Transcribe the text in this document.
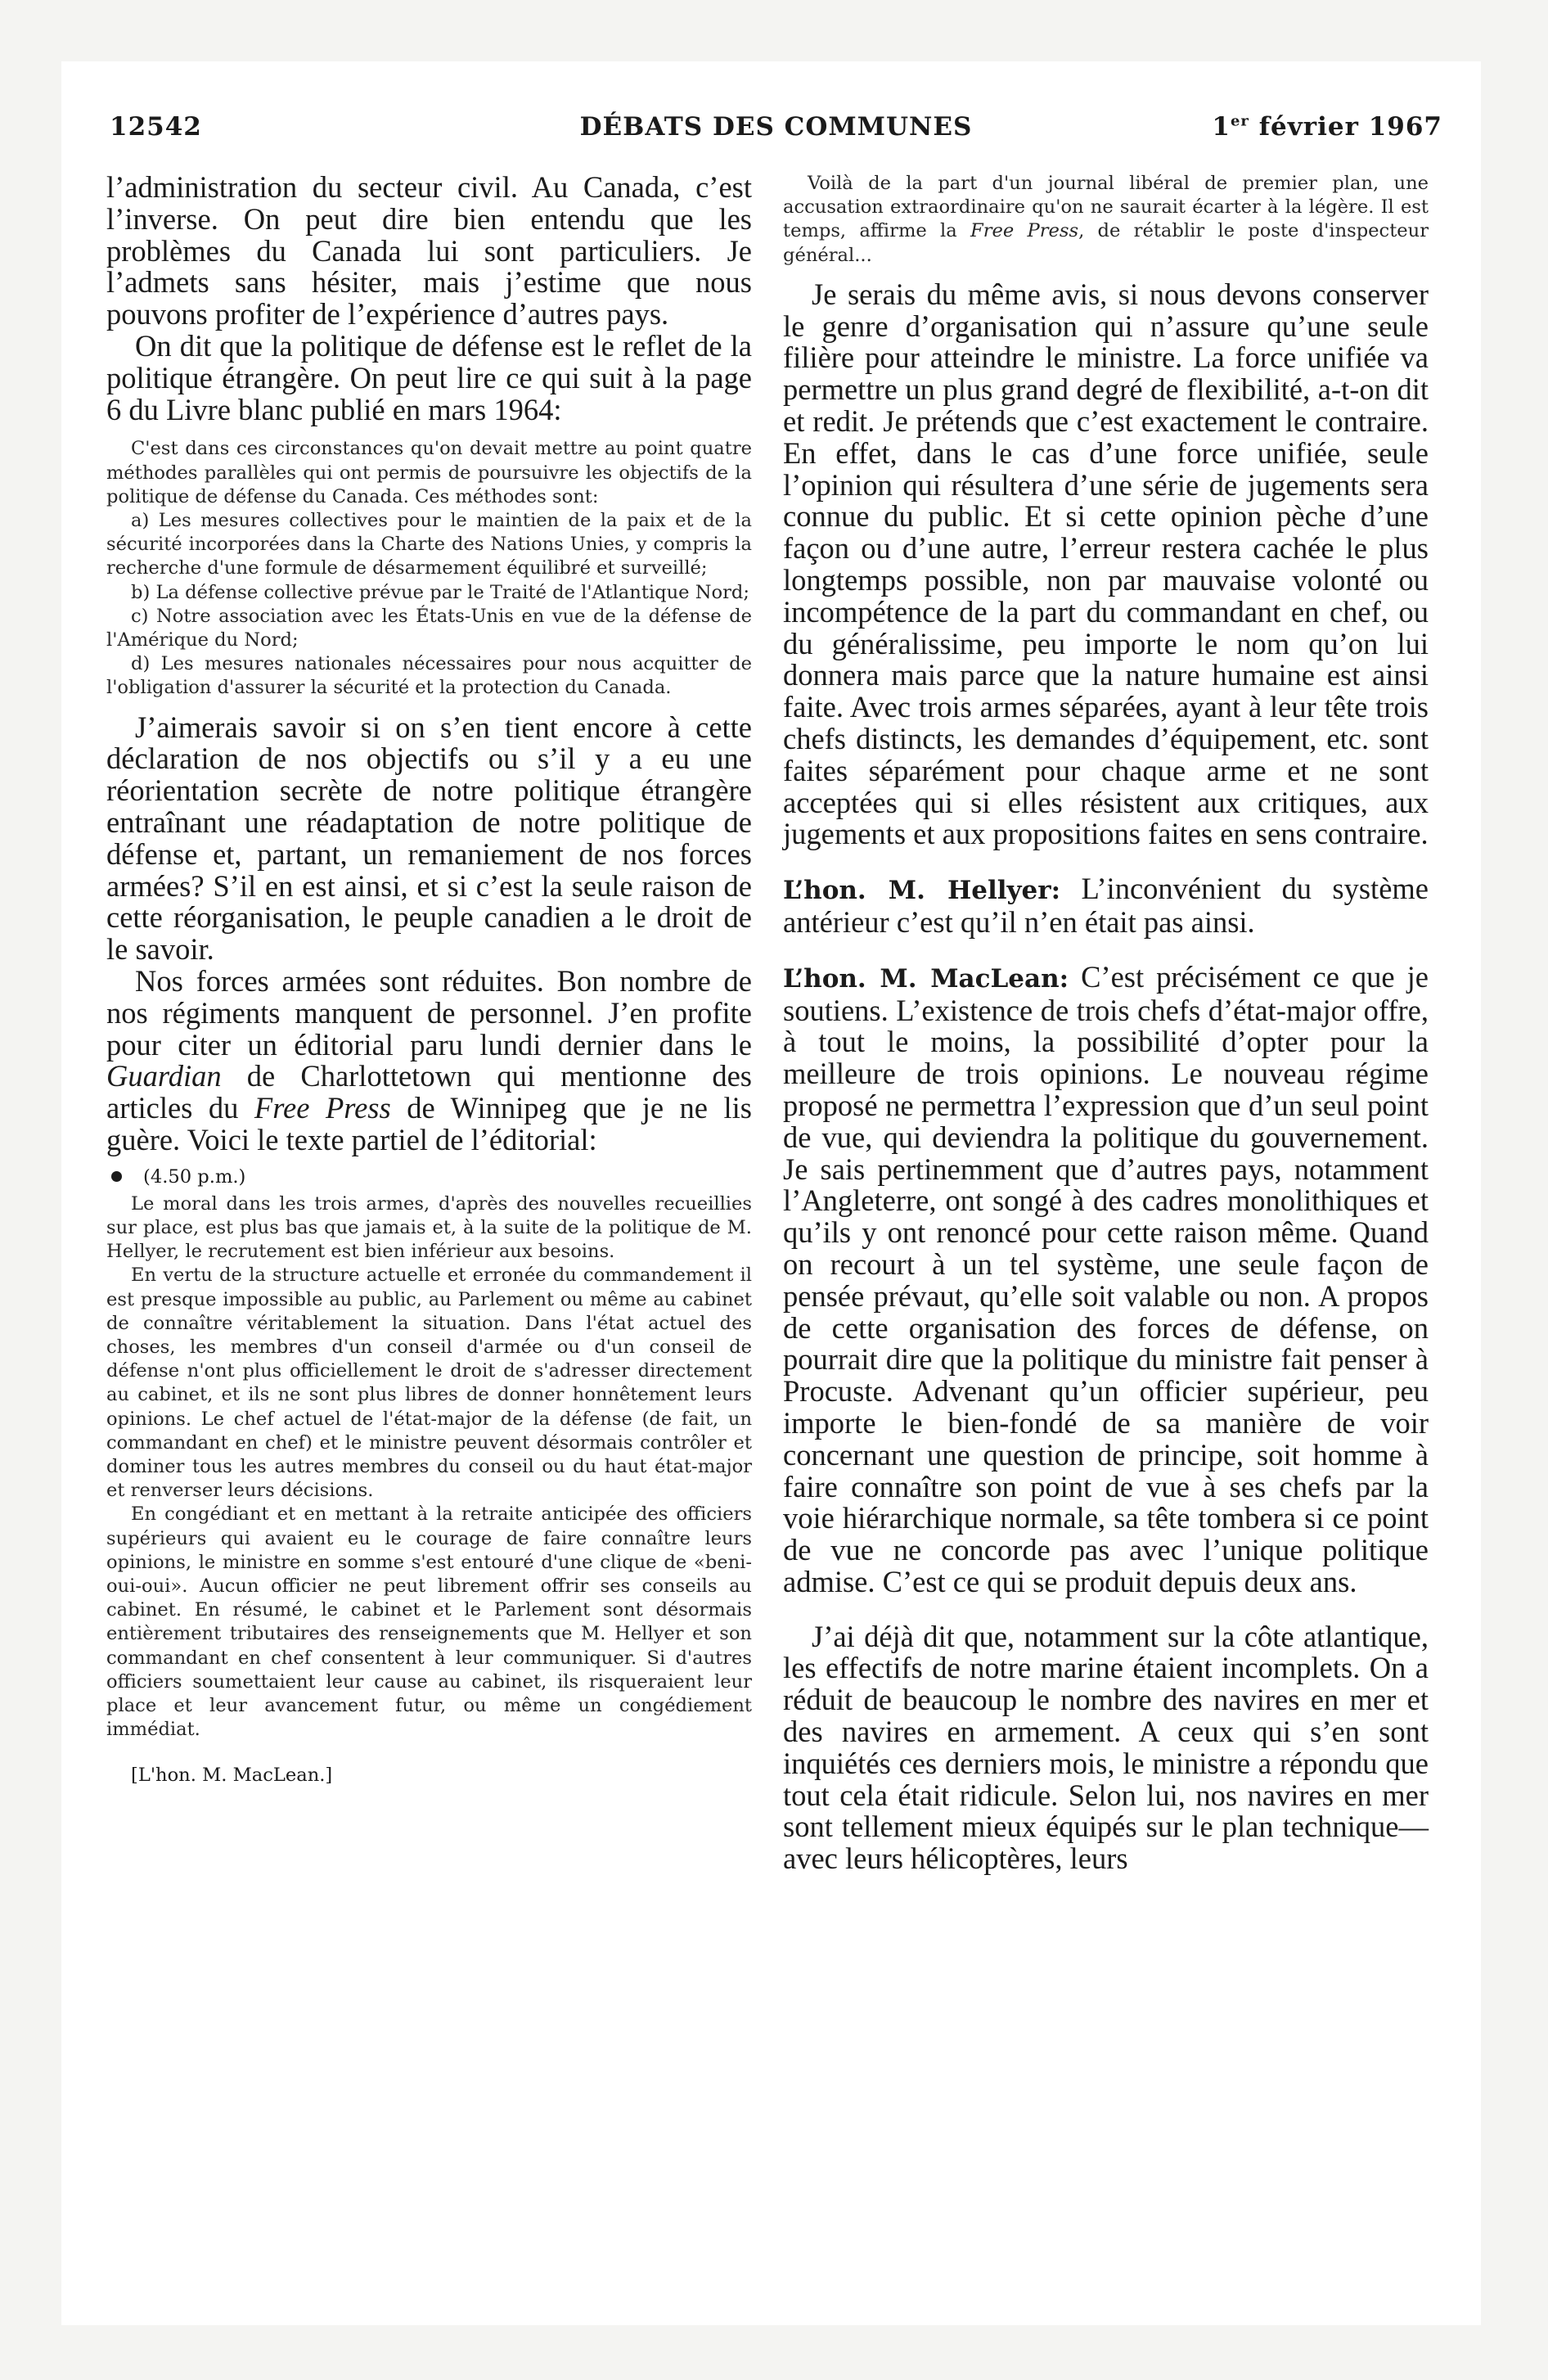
12542	DÉBATS DES COMMUNES	1er février 1967

l’administration du secteur civil. Au Canada, c’est l’inverse. On peut dire bien entendu que les problèmes du Canada lui sont particuliers. Je l’admets sans hésiter, mais j’estime que nous pouvons profiter de l’expérience d’autres pays.

On dit que la politique de défense est le reflet de la politique étrangère. On peut lire ce qui suit à la page 6 du Livre blanc publié en mars 1964:

C'est dans ces circonstances qu'on devait mettre au point quatre méthodes parallèles qui ont permis de poursuivre les objectifs de la politique de défense du Canada. Ces méthodes sont:

a) Les mesures collectives pour le maintien de la paix et de la sécurité incorporées dans la Charte des Nations Unies, y compris la recherche d'une formule de désarmement équilibré et surveillé;

b) La défense collective prévue par le Traité de l'Atlantique Nord;

c) Notre association avec les États-Unis en vue de la défense de l'Amérique du Nord;

d) Les mesures nationales nécessaires pour nous acquitter de l'obligation d'assurer la sécurité et la protection du Canada.

J’aimerais savoir si on s’en tient encore à cette déclaration de nos objectifs ou s’il y a eu une réorientation secrète de notre politique étrangère entraînant une réadaptation de notre politique de défense et, partant, un remaniement de nos forces armées? S’il en est ainsi, et si c’est la seule raison de cette réorganisation, le peuple canadien a le droit de le savoir.

Nos forces armées sont réduites. Bon nombre de nos régiments manquent de personnel. J’en profite pour citer un éditorial paru lundi dernier dans le Guardian de Charlottetown qui mentionne des articles du Free Press de Winnipeg que je ne lis guère. Voici le texte partiel de l’éditorial:

(4.50 p.m.)

Le moral dans les trois armes, d'après des nouvelles recueillies sur place, est plus bas que jamais et, à la suite de la politique de M. Hellyer, le recrutement est bien inférieur aux besoins.

En vertu de la structure actuelle et erronée du commandement il est presque impossible au public, au Parlement ou même au cabinet de connaître véritablement la situation. Dans l'état actuel des choses, les membres d'un conseil d'armée ou d'un conseil de défense n'ont plus officiellement le droit de s'adresser directement au cabinet, et ils ne sont plus libres de donner honnêtement leurs opinions. Le chef actuel de l'état-major de la défense (de fait, un commandant en chef) et le ministre peuvent désormais contrôler et dominer tous les autres membres du conseil ou du haut état-major et renverser leurs décisions.

En congédiant et en mettant à la retraite anticipée des officiers supérieurs qui avaient eu le courage de faire connaître leurs opinions, le ministre en somme s'est entouré d'une clique de «beni-oui-oui». Aucun officier ne peut librement offrir ses conseils au cabinet. En résumé, le cabinet et le Parlement sont désormais entièrement tributaires des renseignements que M. Hellyer et son commandant en chef consentent à leur communiquer. Si d'autres officiers soumettaient leur cause au cabinet, ils risqueraient leur place et leur avancement futur, ou même un congédiement immédiat.

[L'hon. M. MacLean.]

Voilà de la part d'un journal libéral de premier plan, une accusation extraordinaire qu'on ne saurait écarter à la légère. Il est temps, affirme la Free Press, de rétablir le poste d'inspecteur général...

Je serais du même avis, si nous devons conserver le genre d’organisation qui n’assure qu’une seule filière pour atteindre le ministre. La force unifiée va permettre un plus grand degré de flexibilité, a-t-on dit et redit. Je prétends que c’est exactement le contraire. En effet, dans le cas d’une force unifiée, seule l’opinion qui résultera d’une série de jugements sera connue du public. Et si cette opinion pèche d’une façon ou d’une autre, l’erreur restera cachée le plus longtemps possible, non par mauvaise volonté ou incompétence de la part du commandant en chef, ou du généralissime, peu importe le nom qu’on lui donnera mais parce que la nature humaine est ainsi faite. Avec trois armes séparées, ayant à leur tête trois chefs distincts, les demandes d’équipement, etc. sont faites séparément pour chaque arme et ne sont acceptées qui si elles résistent aux critiques, aux jugements et aux propositions faites en sens contraire.

L’hon. M. Hellyer: L’inconvénient du système antérieur c’est qu’il n’en était pas ainsi.

L’hon. M. MacLean: C’est précisément ce que je soutiens. L’existence de trois chefs d’état-major offre, à tout le moins, la possibilité d’opter pour la meilleure de trois opinions. Le nouveau régime proposé ne permettra l’expression que d’un seul point de vue, qui deviendra la politique du gouvernement. Je sais pertinemment que d’autres pays, notamment l’Angleterre, ont songé à des cadres monolithiques et qu’ils y ont renoncé pour cette raison même. Quand on recourt à un tel système, une seule façon de pensée prévaut, qu’elle soit valable ou non. A propos de cette organisation des forces de défense, on pourrait dire que la politique du ministre fait penser à Procuste. Advenant qu’un officier supérieur, peu importe le bien-fondé de sa manière de voir concernant une question de principe, soit homme à faire connaître son point de vue à ses chefs par la voie hiérarchique normale, sa tête tombera si ce point de vue ne concorde pas avec l’unique politique admise. C’est ce qui se produit depuis deux ans.

J’ai déjà dit que, notamment sur la côte atlantique, les effectifs de notre marine étaient incomplets. On a réduit de beaucoup le nombre des navires en mer et des navires en armement. A ceux qui s’en sont inquiétés ces derniers mois, le ministre a répondu que tout cela était ridicule. Selon lui, nos navires en mer sont tellement mieux équipés sur le plan technique—avec leurs hélicoptères, leurs
